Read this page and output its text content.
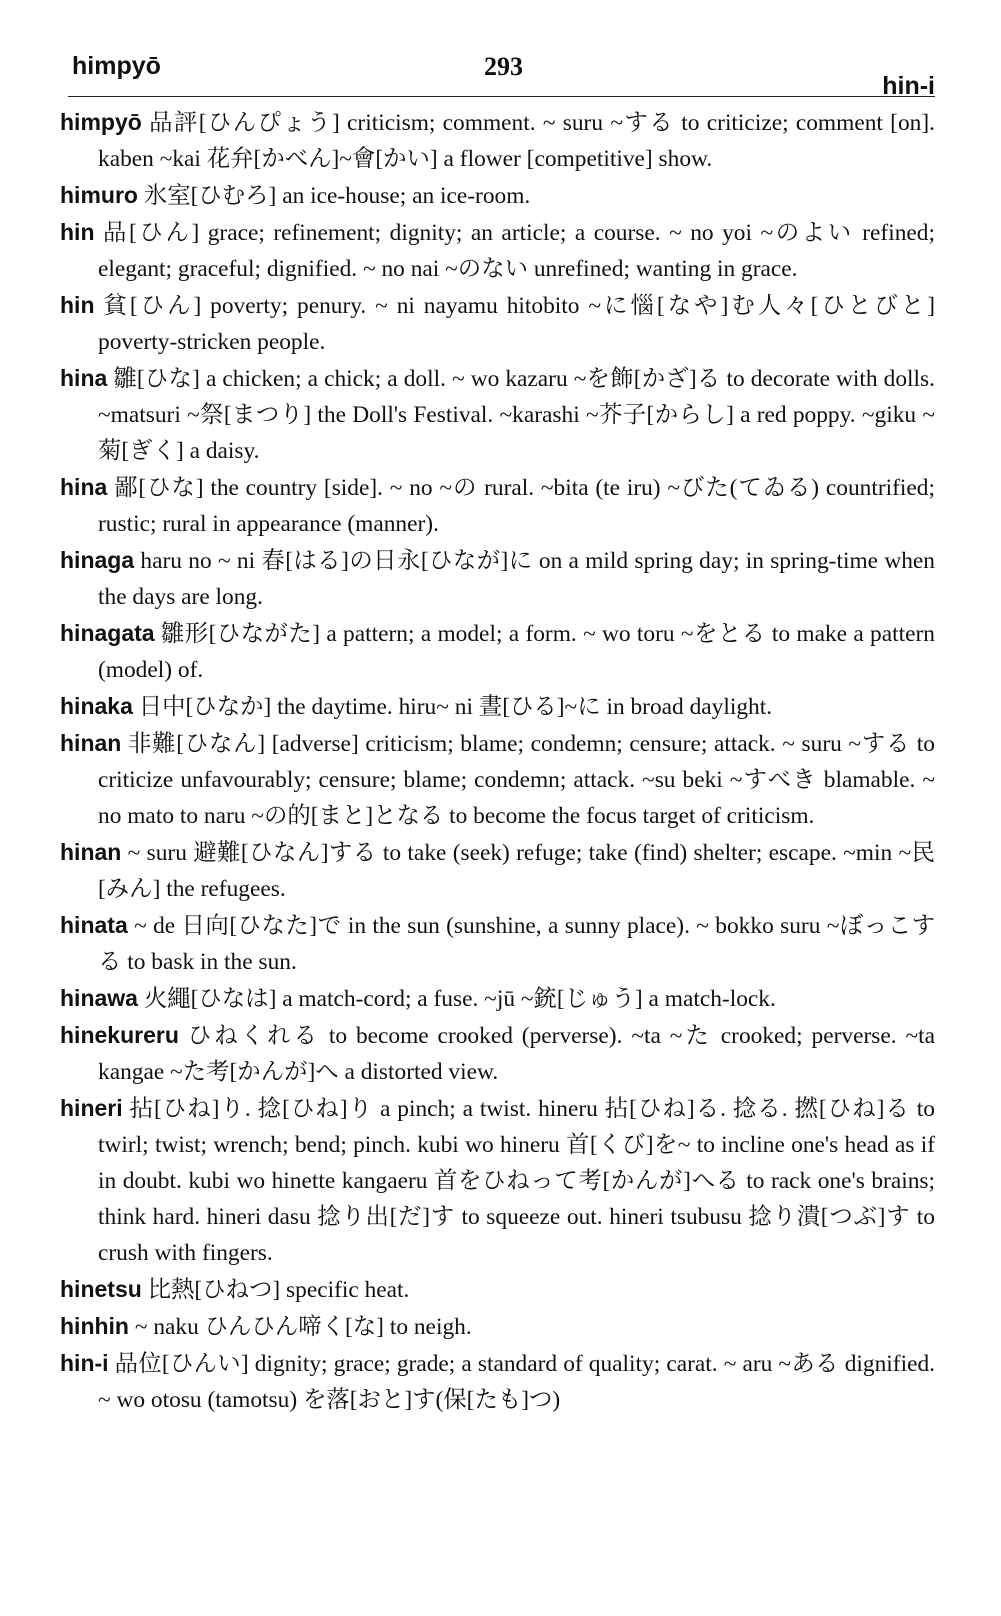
himpyō	293
hin-i

himpyō 品評[ひんぴょう] criticism; comment. ~ suru ~する to criticize; comment [on]. kaben ~kai 花弁[かべん]~會[かい] a flower [competitive] show.

himuro 氷室[ひむろ] an ice-house; an ice-room.

hin 品[ひん] grace; refinement; dignity; an article; a course. ~ no yoi ~のよい refined; elegant; graceful; dignified. ~ no nai ~のない unrefined; wanting in grace.

hin 貧[ひん] poverty; penury. ~ ni nayamu hitobito ~に惱[なや]む人々[ひとびと] poverty-stricken people.

hina 雛[ひな] a chicken; a chick; a doll. ~ wo kazaru ~を飾[かざ]る to decorate with dolls. ~matsuri ~祭[まつり] the Doll's Festival. ~karashi ~芥子[からし] a red poppy. ~giku ~菊[ぎく] a daisy.

hina 鄙[ひな] the country [side]. ~ no ~の rural. ~bita (te iru) ~びた(てゐる) countrified; rustic; rural in appearance (manner).

hinaga haru no ~ ni 春[はる]の日永[ひなが]に on a mild spring day; in spring-time when the days are long.

hinagata 雛形[ひながた] a pattern; a model; a form. ~ wo toru ~をとる to make a pattern (model) of.

hinaka 日中[ひなか] the daytime. hiru~ ni 晝[ひる]~に in broad daylight.

hinan 非難[ひなん] [adverse] criticism; blame; condemn; censure; attack. ~ suru ~する to criticize unfavourably; censure; blame; condemn; attack. ~su beki ~すべき blamable. ~ no mato to naru ~の的[まと]となる to become the focus target of criticism.

hinan ~ suru 避難[ひなん]する to take (seek) refuge; take (find) shelter; escape. ~min ~民[みん] the refugees.

hinata ~ de 日向[ひなた]で in the sun (sunshine, a sunny place). ~ bokko suru ~ぼっこする to bask in the sun.

hinawa 火繩[ひなは] a match-cord; a fuse. ~jū ~銃[じゅう] a match-lock.

hinekureru ひねくれる to become crooked (perverse). ~ta ~た crooked; perverse. ~ta kangae ~た考[かんが]へ a distorted view.

hineri 拈[ひね]り. 捻[ひね]り a pinch; a twist. hineru 拈[ひね]る. 捻る. 撚[ひね]る to twirl; twist; wrench; bend; pinch. kubi wo hineru 首[くび]を~ to incline one's head as if in doubt. kubi wo hinette kangaeru 首をひねって考[かんが]へる to rack one's brains; think hard. hineri dasu 捻り出[だ]す to squeeze out. hineri tsubusu 捻り潰[つぶ]す to crush with fingers.

hinetsu 比熱[ひねつ] specific heat.

hinhin ~ naku ひんひん啼く[な] to neigh.

hin-i 品位[ひんい] dignity; grace; grade; a standard of quality; carat. ~ aru ~ある dignified. ~ wo otosu (tamotsu) を落[おと]す(保[たも]つ)
